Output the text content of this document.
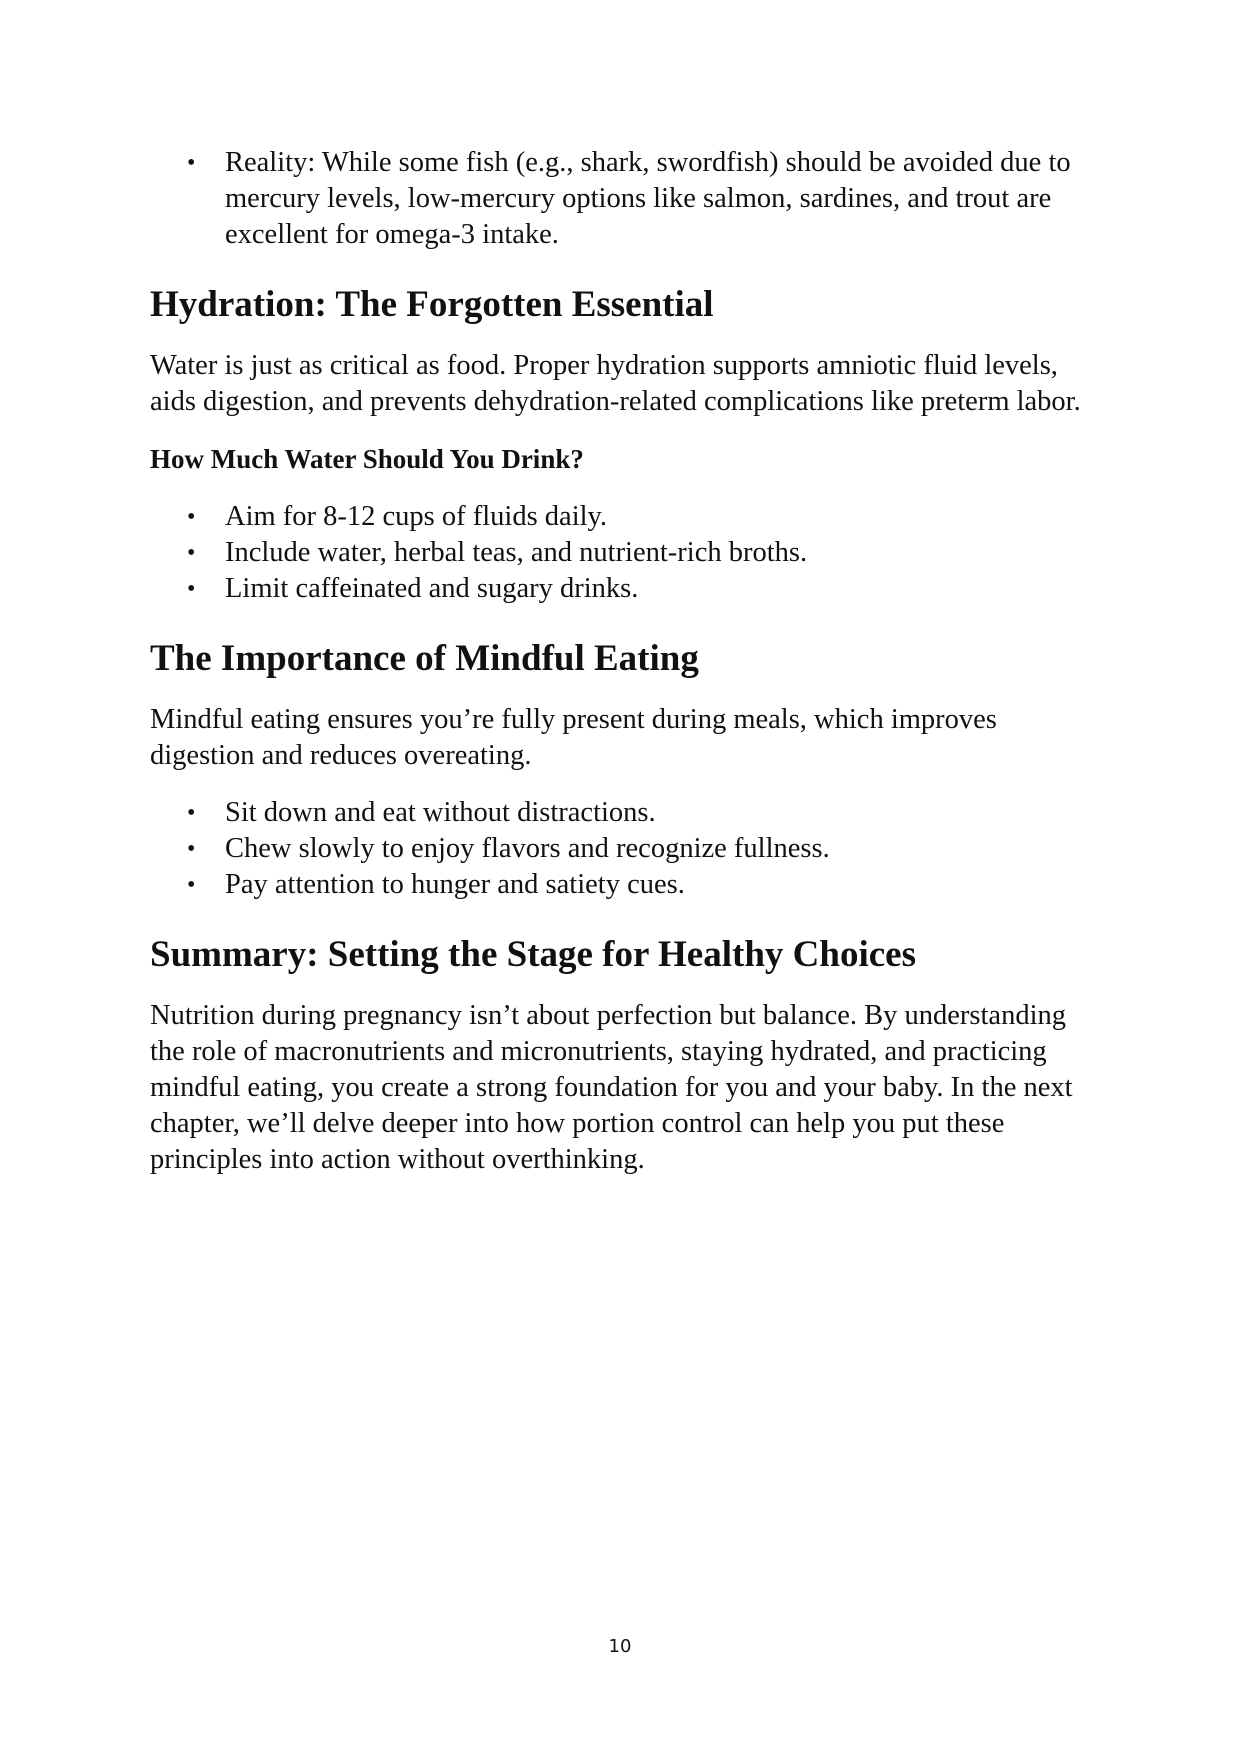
• Reality: While some fish (e.g., shark, swordfish) should be avoided due to mercury levels, low-mercury options like salmon, sardines, and trout are excellent for omega-3 intake.
Hydration: The Forgotten Essential

Water is just as critical as food. Proper hydration supports amniotic fluid levels, aids digestion, and prevents dehydration-related complications like preterm labor.

How Much Water Should You Drink?
• Aim for 8-12 cups of fluids daily.
• Include water, herbal teas, and nutrient-rich broths.
• Limit caffeinated and sugary drinks.
The Importance of Mindful Eating

Mindful eating ensures you’re fully present during meals, which improves digestion and reduces overeating.

• Sit down and eat without distractions.
• Chew slowly to enjoy flavors and recognize fullness.
• Pay attention to hunger and satiety cues.
Summary: Setting the Stage for Healthy Choices

Nutrition during pregnancy isn’t about perfection but balance. By understanding the role of macronutrients and micronutrients, staying hydrated, and practicing mindful eating, you create a strong foundation for you and your baby. In the next chapter, we’ll delve deeper into how portion control can help you put these principles into action without overthinking.

10
